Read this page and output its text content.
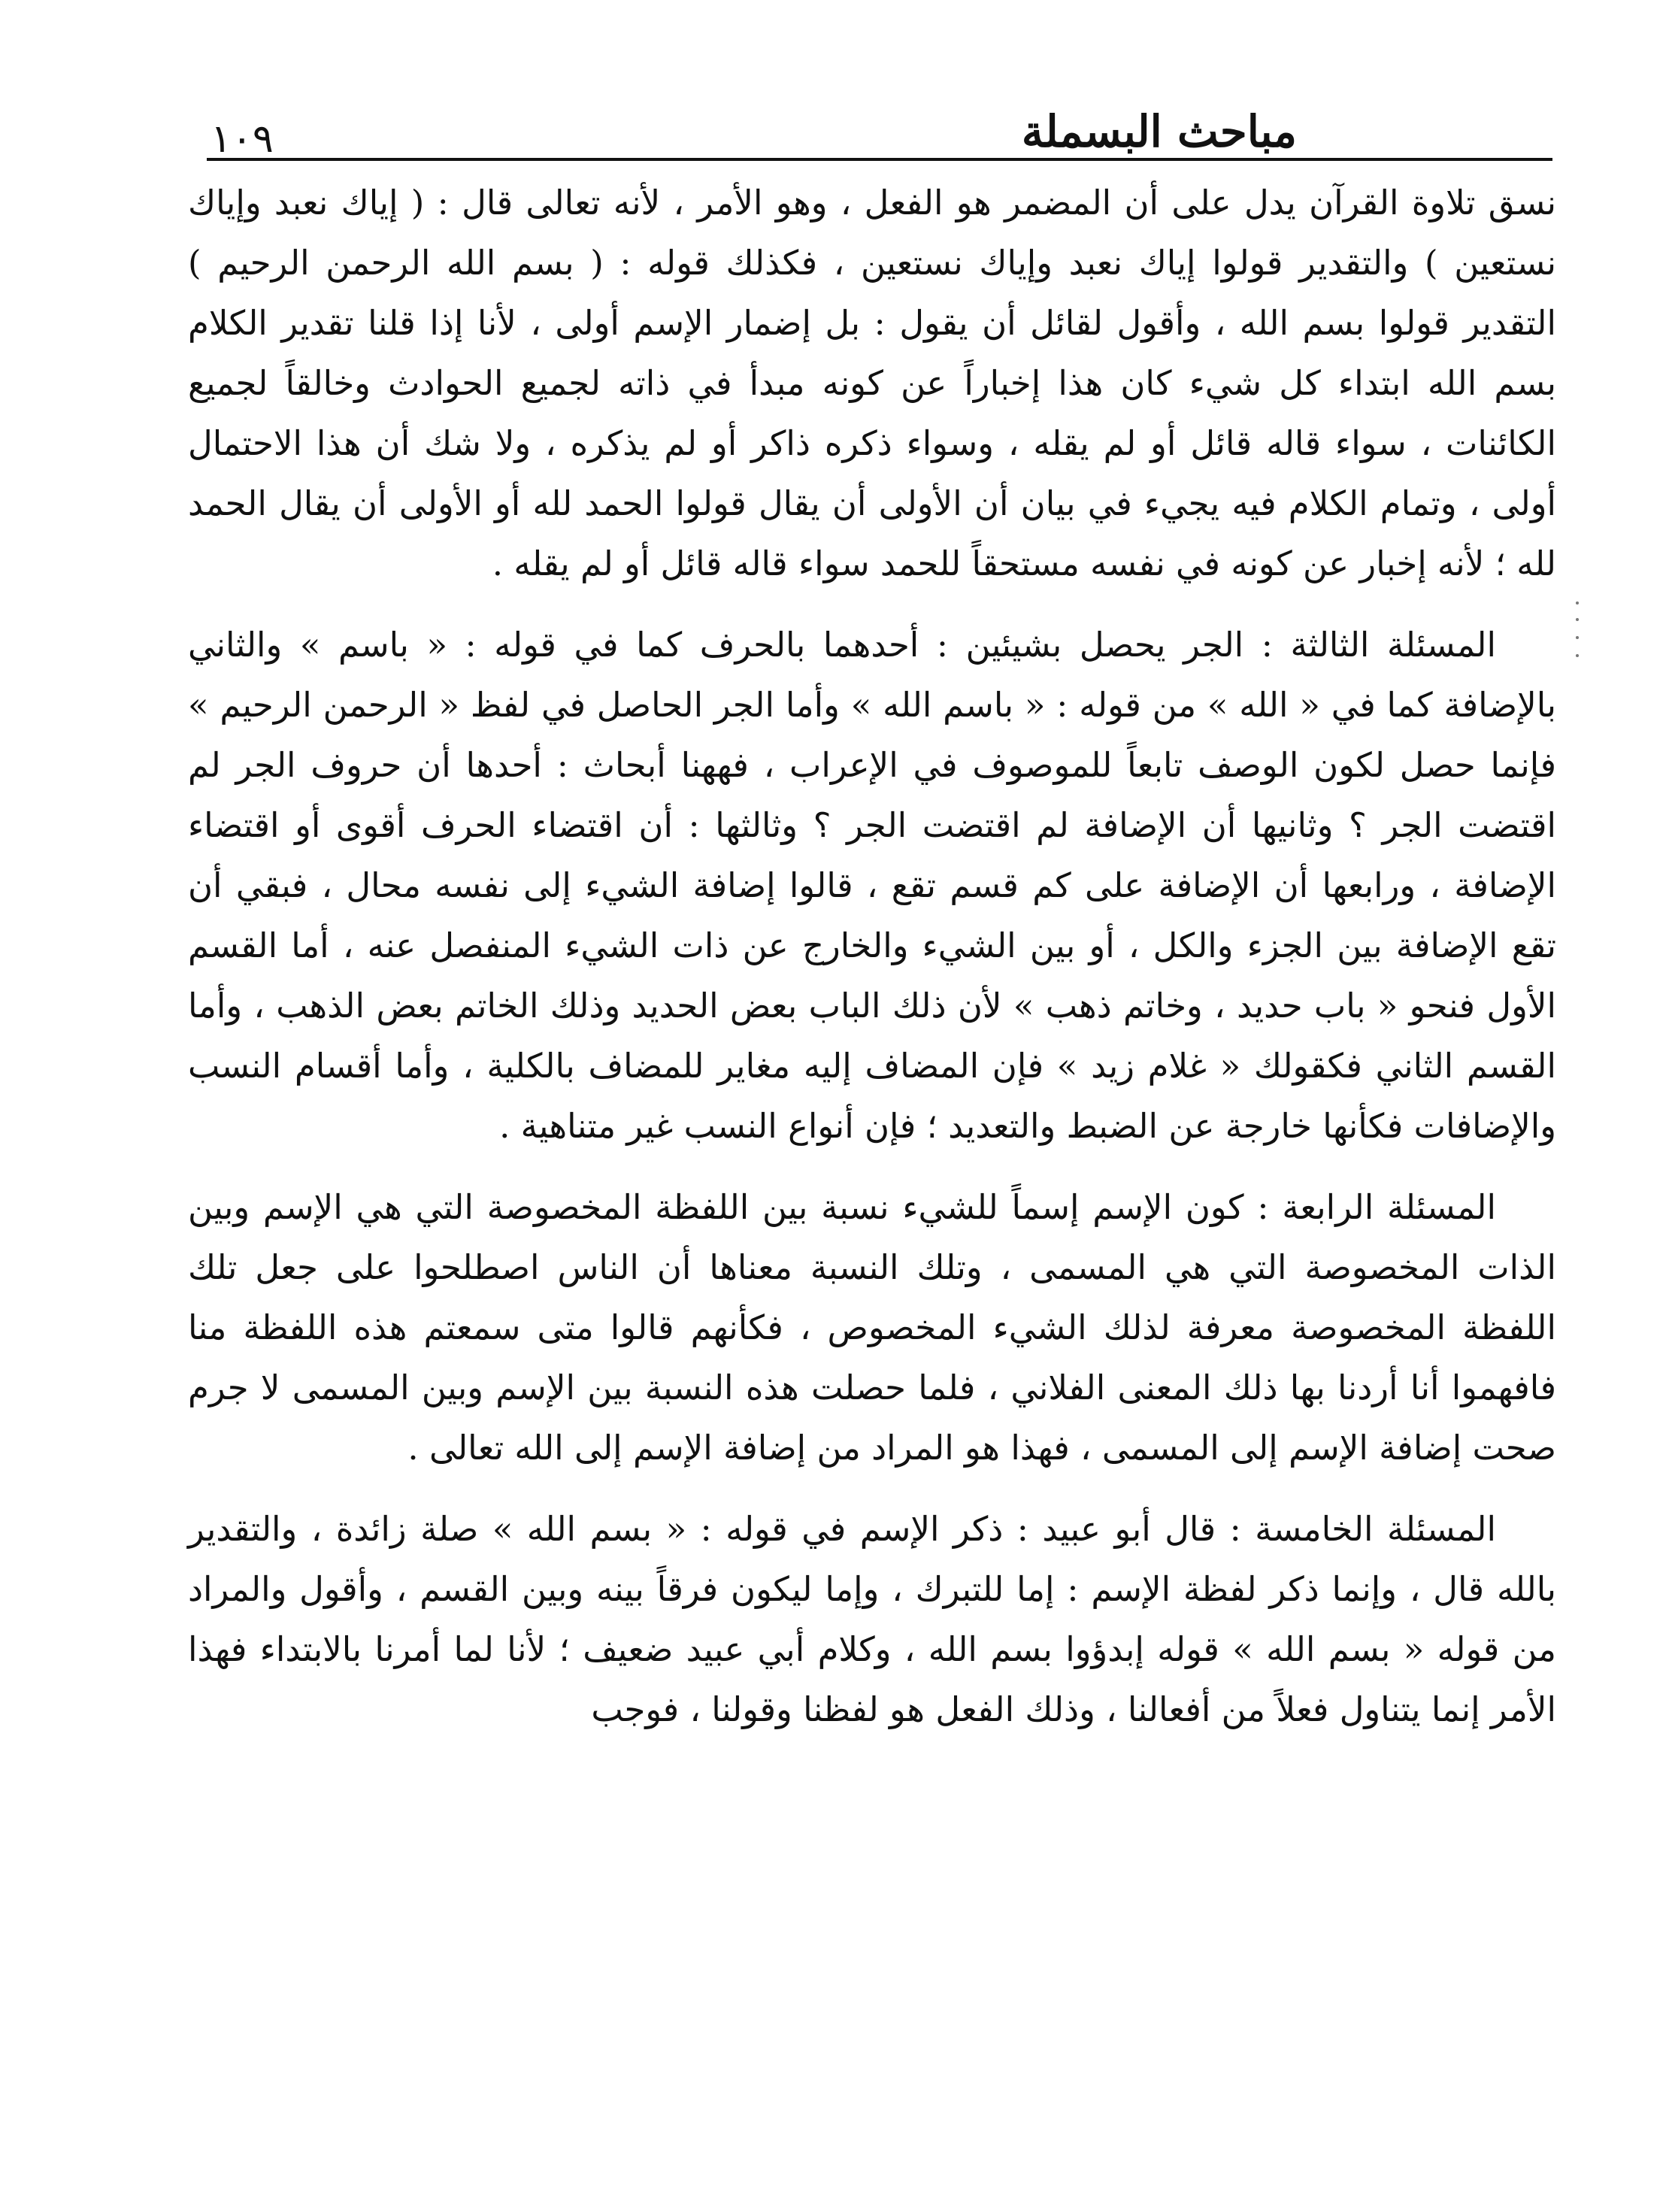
١٠٩	مباحث البسملة

نسق تلاوة القرآن يدل على أن المضمر هو الفعل ، وهو الأمر ، لأنه تعالى قال : ( إياك نعبد وإياك نستعين ) والتقدير قولوا إياك نعبد وإياك نستعين ، فكذلك قوله : ( بسم الله الرحمن الرحيم ) التقدير قولوا بسم الله ، وأقول لقائل أن يقول : بل إضمار الإسم أولى ، لأنا إذا قلنا تقدير الكلام بسم الله ابتداء كل شيء كان هذا إخباراً عن كونه مبدأ في ذاته لجميع الحوادث وخالقاً لجميع الكائنات ، سواء قاله قائل أو لم يقله ، وسواء ذكره ذاكر أو لم يذكره ، ولا شك أن هذا الاحتمال أولى ، وتمام الكلام فيه يجيء في بيان أن الأولى أن يقال قولوا الحمد لله أو الأولى أن يقال الحمد لله ؛ لأنه إخبار عن كونه في نفسه مستحقاً للحمد سواء قاله قائل أو لم يقله .

المسئلة الثالثة : الجر يحصل بشيئين : أحدهما بالحرف كما في قوله : « باسم » والثاني بالإضافة كما في « الله » من قوله : « باسم الله » وأما الجر الحاصل في لفظ « الرحمن الرحيم » فإنما حصل لكون الوصف تابعاً للموصوف في الإعراب ، فههنا أبحاث : أحدها أن حروف الجر لم اقتضت الجر ؟ وثانيها أن الإضافة لم اقتضت الجر ؟ وثالثها : أن اقتضاء الحرف أقوى أو اقتضاء الإضافة ، ورابعها أن الإضافة على كم قسم تقع ، قالوا إضافة الشيء إلى نفسه محال ، فبقي أن تقع الإضافة بين الجزء والكل ، أو بين الشيء والخارج عن ذات الشيء المنفصل عنه ، أما القسم الأول فنحو « باب حديد ، وخاتم ذهب » لأن ذلك الباب بعض الحديد وذلك الخاتم بعض الذهب ، وأما القسم الثاني فكقولك « غلام زيد » فإن المضاف إليه مغاير للمضاف بالكلية ، وأما أقسام النسب والإضافات فكأنها خارجة عن الضبط والتعديد ؛ فإن أنواع النسب غير متناهية .

المسئلة الرابعة : كون الإسم إسماً للشيء نسبة بين اللفظة المخصوصة التي هي الإسم وبين الذات المخصوصة التي هي المسمى ، وتلك النسبة معناها أن الناس اصطلحوا على جعل تلك اللفظة المخصوصة معرفة لذلك الشيء المخصوص ، فكأنهم قالوا متى سمعتم هذه اللفظة منا فافهموا أنا أردنا بها ذلك المعنى الفلاني ، فلما حصلت هذه النسبة بين الإسم وبين المسمى لا جرم صحت إضافة الإسم إلى المسمى ، فهذا هو المراد من إضافة الإسم إلى الله تعالى .

المسئلة الخامسة : قال أبو عبيد : ذكر الإسم في قوله : « بسم الله » صلة زائدة ، والتقدير بالله قال ، وإنما ذكر لفظة الإسم : إما للتبرك ، وإما ليكون فرقاً بينه وبين القسم ، وأقول والمراد من قوله « بسم الله » قوله إبدؤوا بسم الله ، وكلام أبي عبيد ضعيف ؛ لأنا لما أمرنا بالابتداء فهذا الأمر إنما يتناول فعلاً من أفعالنا ، وذلك الفعل هو لفظنا وقولنا ، فوجب
